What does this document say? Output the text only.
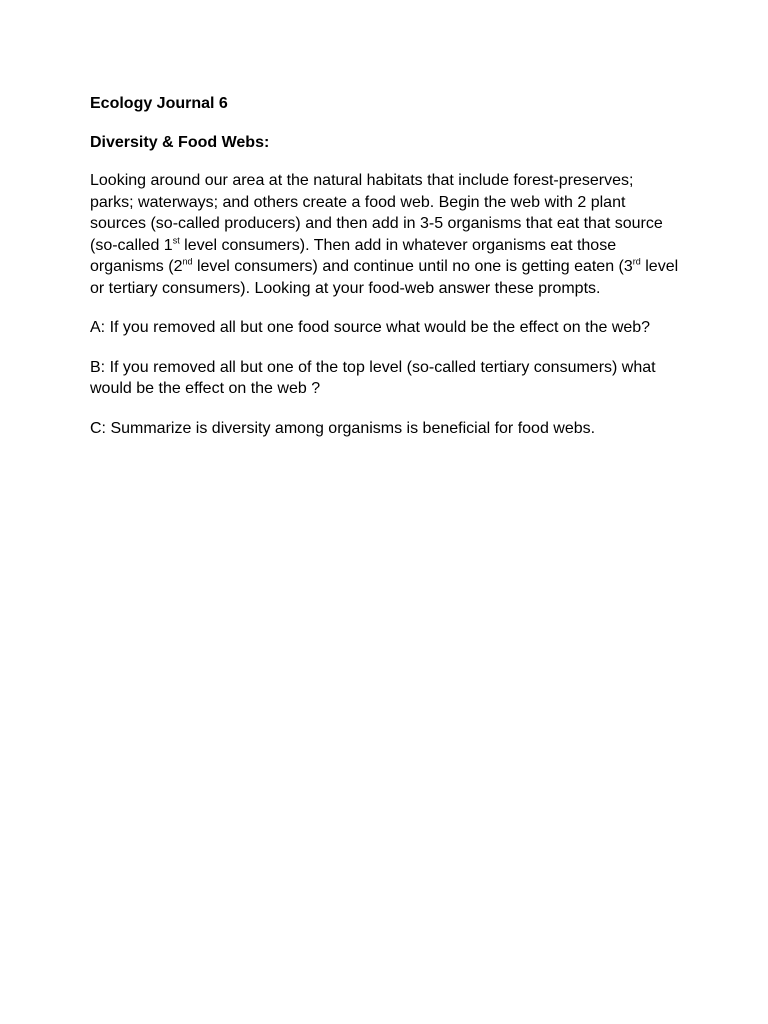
Ecology Journal 6

Diversity & Food Webs:

Looking around our area at the natural habitats that include forest-preserves; parks; waterways; and others create a food web. Begin the web with 2 plant sources (so-called producers) and then add in 3-5 organisms that eat that source (so-called 1st level consumers). Then add in whatever organisms eat those organisms (2nd level consumers) and continue until no one is getting eaten (3rd level or tertiary consumers). Looking at your food-web answer these prompts.

A: If you removed all but one food source what would be the effect on the web?

B: If you removed all but one of the top level (so-called tertiary consumers) what would be the effect on the web ?

C: Summarize is diversity among organisms is beneficial for food webs.
